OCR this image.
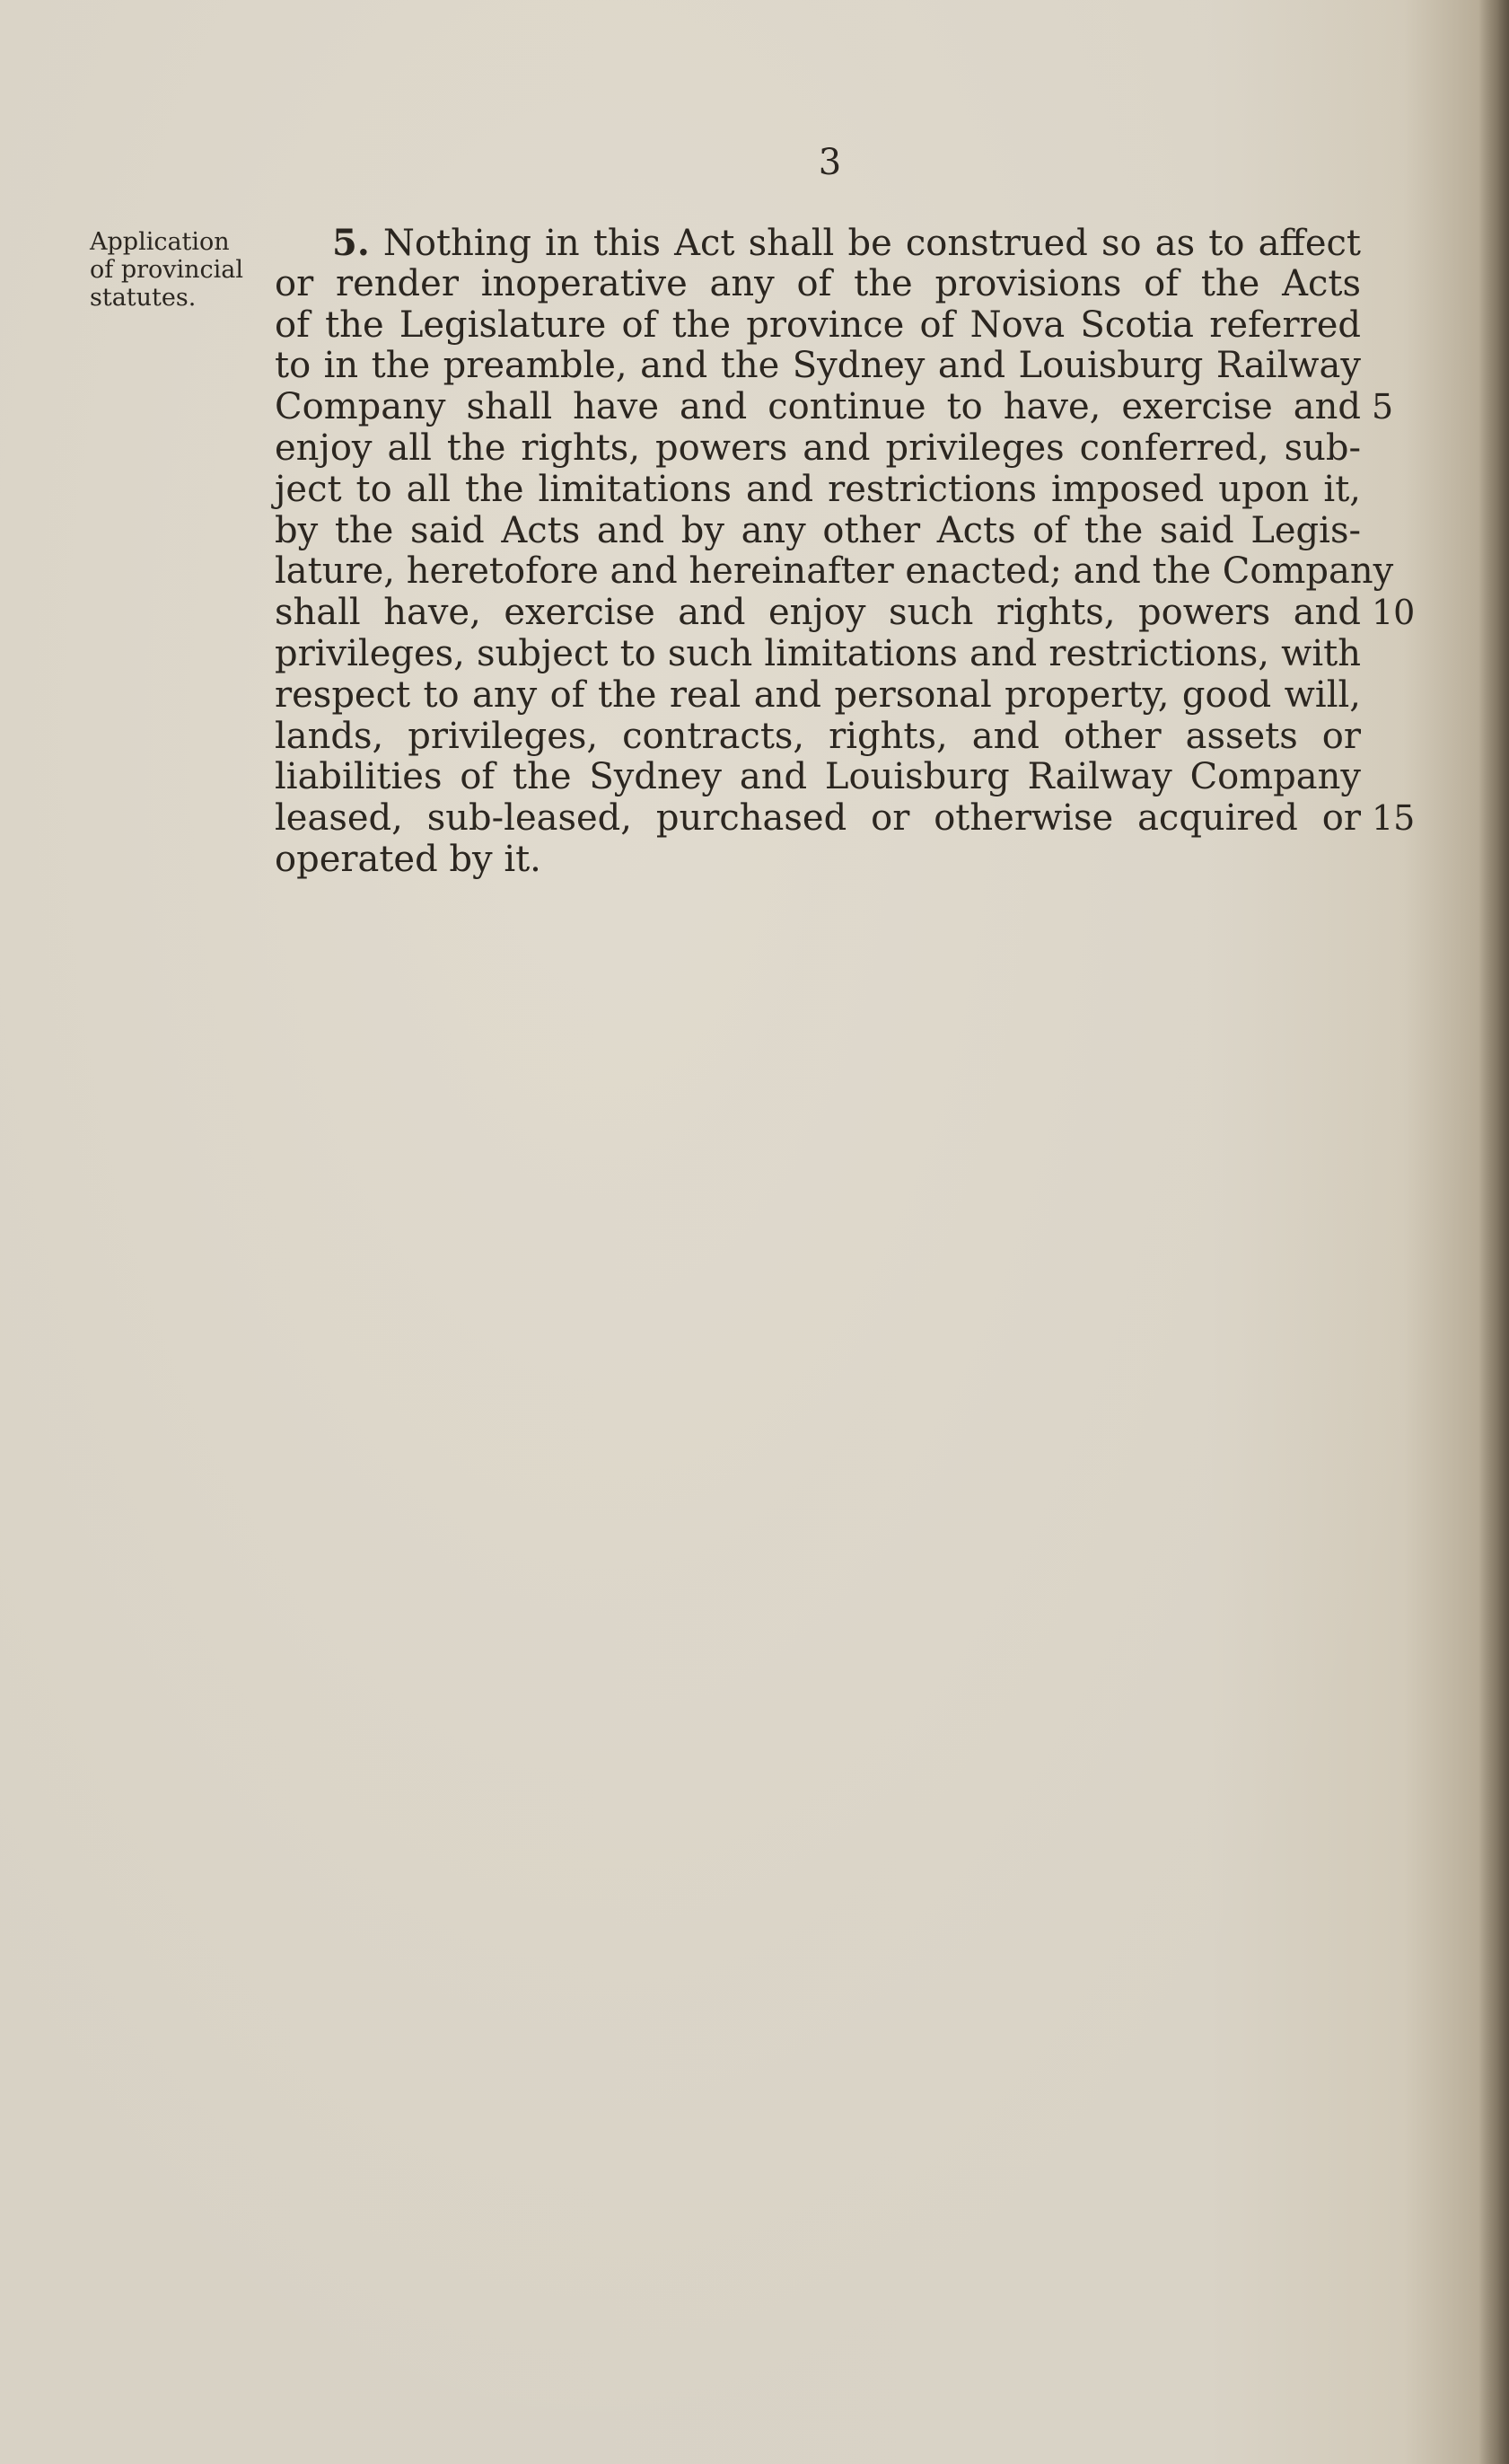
3
Application
of provincial
statutes.
5. Nothing in this Act shall be construed so as to affect
or render inoperative any of the provisions of the Acts
of the Legislature of the province of Nova Scotia referred
to in the preamble, and the Sydney and Louisburg Railway
Company shall have and continue to have, exercise and
enjoy all the rights, powers and privileges conferred, sub-
ject to all the limitations and restrictions imposed upon it,
by the said Acts and by any other Acts of the said Legis-
lature, heretofore and hereinafter enacted; and the Company
shall have, exercise and enjoy such rights, powers and
privileges, subject to such limitations and restrictions, with
respect to any of the real and personal property, good will,
lands, privileges, contracts, rights, and other assets or
liabilities of the Sydney and Louisburg Railway Company
leased, sub-leased, purchased or otherwise acquired or
operated by it.
5
10
15
